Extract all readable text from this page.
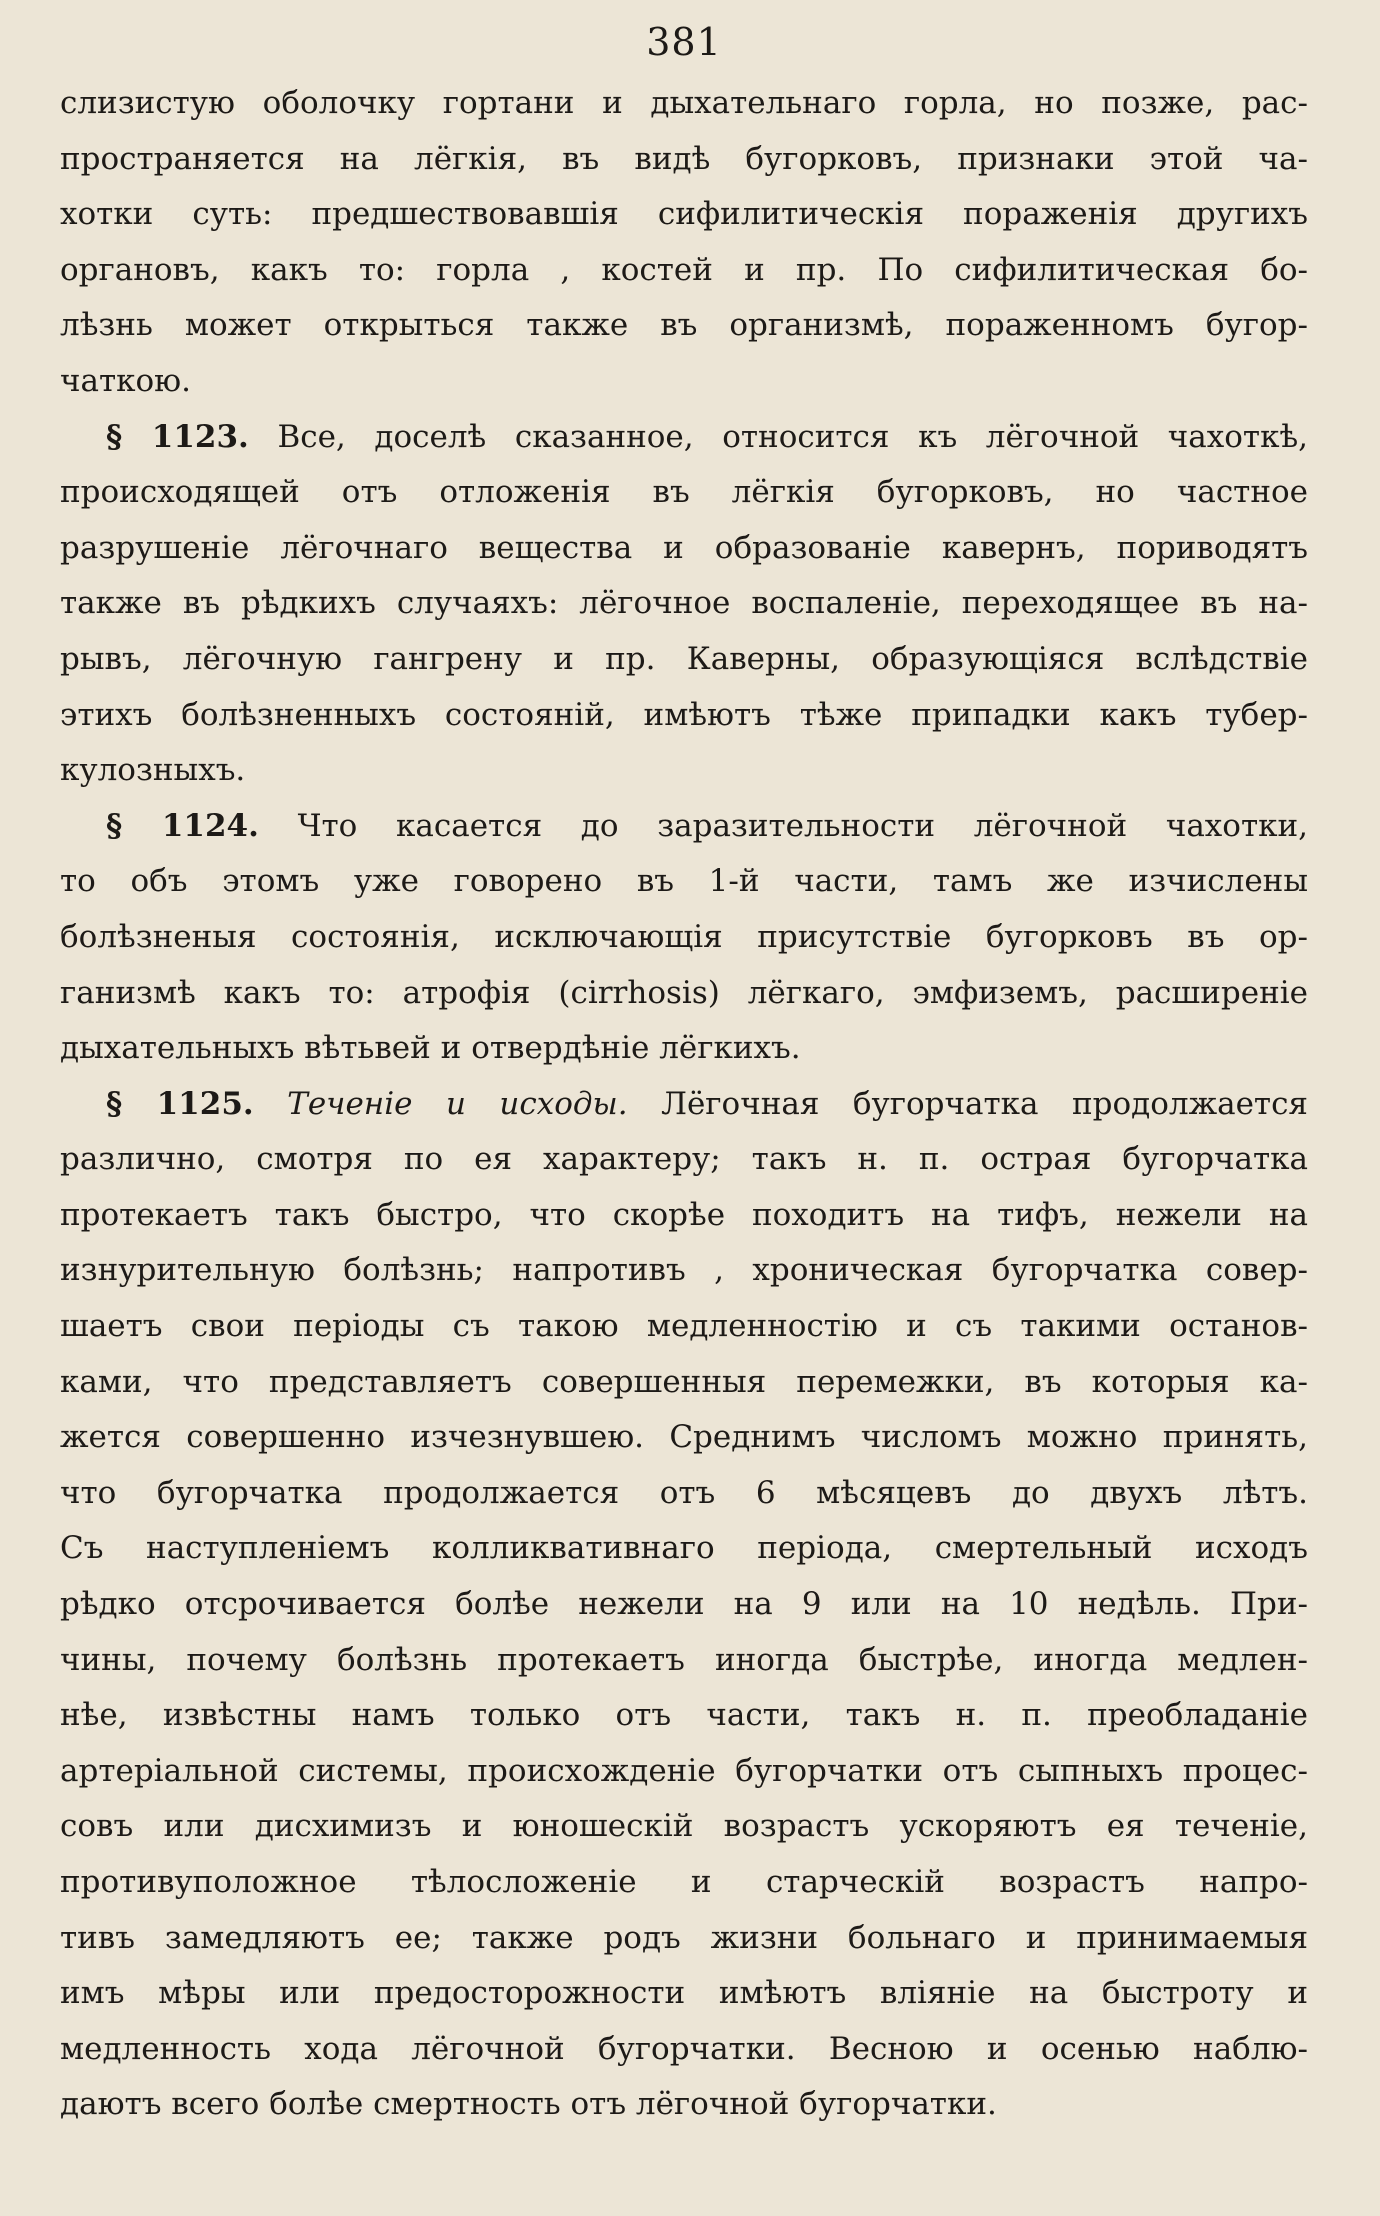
381
слизистую оболочку гортани и дыхательнаго горла, но позже, рас-
пространяется на лёгкія, въ видѣ бугорковъ, признаки этой ча-
хотки суть: предшествовавшія сифилитическія пораженія другихъ
органовъ, какъ то: горла , костей и пр. По сифилитическая бо-
лѣзнь может открыться также въ организмѣ, пораженномъ бугор-
чаткою.
§ 1123. Все, доселѣ сказанное, относится къ лёгочной чахоткѣ,
происходящей отъ отложенія въ лёгкія бугорковъ, но частное
разрушеніе лёгочнаго вещества и образованіе кавернъ, пориводятъ
также въ рѣдкихъ случаяхъ: лёгочное воспаленіе, переходящее въ на-
рывъ, лёгочную гангрену и пр. Каверны, образующіяся вслѣдствіе
этихъ болѣзненныхъ состояній, имѣютъ тѣже припадки какъ тубер-
кулозныхъ.
§ 1124. Что касается до заразительности лёгочной чахотки,
то объ этомъ уже говорено въ 1-й части, тамъ же изчислены
болѣзненыя состоянія, исключающія присутствіе бугорковъ въ ор-
ганизмѣ какъ то: атрофія (cirrhosis) лёгкаго, эмфиземъ, расширеніе
дыхательныхъ вѣтьвей и отвердѣніе лёгкихъ.
§ 1125. Теченіе и исходы. Лёгочная бугорчатка продолжается
различно, смотря по ея характеру; такъ н. п. острая бугорчатка
протекаетъ такъ быстро, что скорѣе походитъ на тифъ, нежели на
изнурительную болѣзнь; напротивъ , хроническая бугорчатка совер-
шаетъ свои періоды съ такою медленностію и съ такими останов-
ками, что представляетъ совершенныя перемежки, въ которыя ка-
жется совершенно изчезнувшею. Среднимъ числомъ можно принять,
что бугорчатка продолжается отъ 6 мѣсяцевъ до двухъ лѣтъ.
Съ наступленіемъ колликвативнаго періода, смертельный исходъ
рѣдко отсрочивается болѣе нежели на 9 или на 10 недѣль. При-
чины, почему болѣзнь протекаетъ иногда быстрѣе, иногда медлен-
нѣе, извѣстны намъ только отъ части, такъ н. п. преобладаніе
артеріальной системы, происхожденіе бугорчатки отъ сыпныхъ процес-
совъ или дисхимизъ и юношескій возрастъ ускоряютъ ея теченіе,
противуположное тѣлосложеніе и старческій возрастъ напро-
тивъ замедляютъ ее; также родъ жизни больнаго и принимаемыя
имъ мѣры или предосторожности имѣютъ вліяніе на быстроту и
медленность хода лёгочной бугорчатки. Весною и осенью наблю-
даютъ всего болѣе смертность отъ лёгочной бугорчатки.
